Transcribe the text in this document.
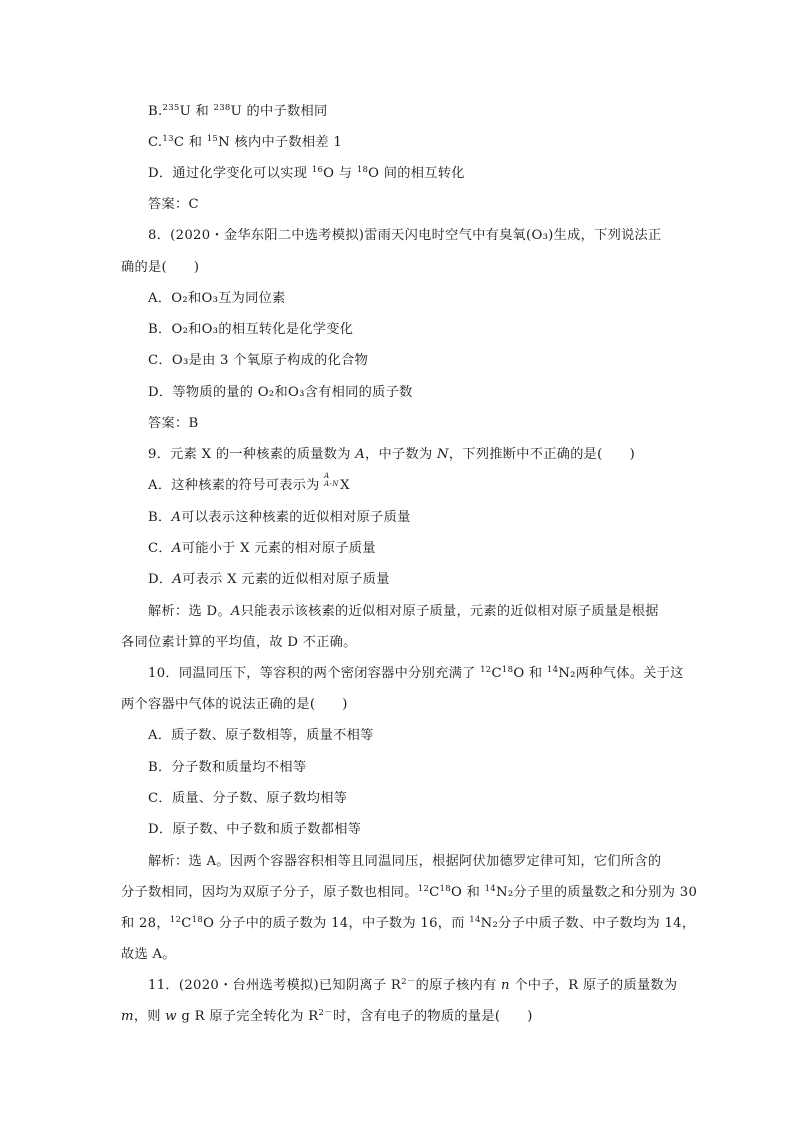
B.$^{235}$U 和 $^{238}$U 的中子数相同
C.$^{13}$C 和 $^{15}$N 核内中子数相差 1
D．通过化学变化可以实现 $^{16}$O 与 $^{18}$O 间的相互转化
答案：C
8．(2020・金华东阳二中选考模拟)雷雨天闪电时空气中有臭氧(O₃)生成，下列说法正
确的是(　　)
A．O₂和O₃互为同位素
B．O₂和O₃的相互转化是化学变化
C．O₃是由 3 个氧原子构成的化合物
D．等物质的量的 O₂和O₃含有相同的质子数
答案：B
9．元素 X 的一种核素的质量数为 A，中子数为 N，下列推断中不正确的是(　　)
A．这种核素的符号可表示为
A
A-N X
B．A可以表示这种核素的近似相对原子质量
C．A可能小于 X 元素的相对原子质量
D．A可表示 X 元素的近似相对原子质量
解析：选 D。A只能表示该核素的近似相对原子质量，元素的近似相对原子质量是根据
各同位素计算的平均值，故 D 不正确。
10．同温同压下，等容积的两个密闭容器中分别充满了 $^{12}C^{18}O$ 和 $^{14}$N₂两种气体。关于这
两个容器中气体的说法正确的是(　　)
A．质子数、原子数相等，质量不相等
B．分子数和质量均不相等
C．质量、分子数、原子数均相等
D．原子数、中子数和质子数都相等
解析：选 A。因两个容器容积相等且同温同压，根据阿伏加德罗定律可知，它们所含的
分子数相同，因均为双原子分子，原子数也相同。$^{12}C^{18}O$ 和 $^{14}$N₂分子里的质量数之和分别为 30
和 28，$^{12}C^{18}O$ 分子中的质子数为 14，中子数为 16，而 $^{14}$N₂分子中质子数、中子数均为 14，
故选 A。
11．(2020・台州选考模拟)已知阴离子 $R^{2-}$的原子核内有 n 个中子，R 原子的质量数为
m，则 w g R 原子完全转化为 $R^{2-}$时，含有电子的物质的量是(　　)
